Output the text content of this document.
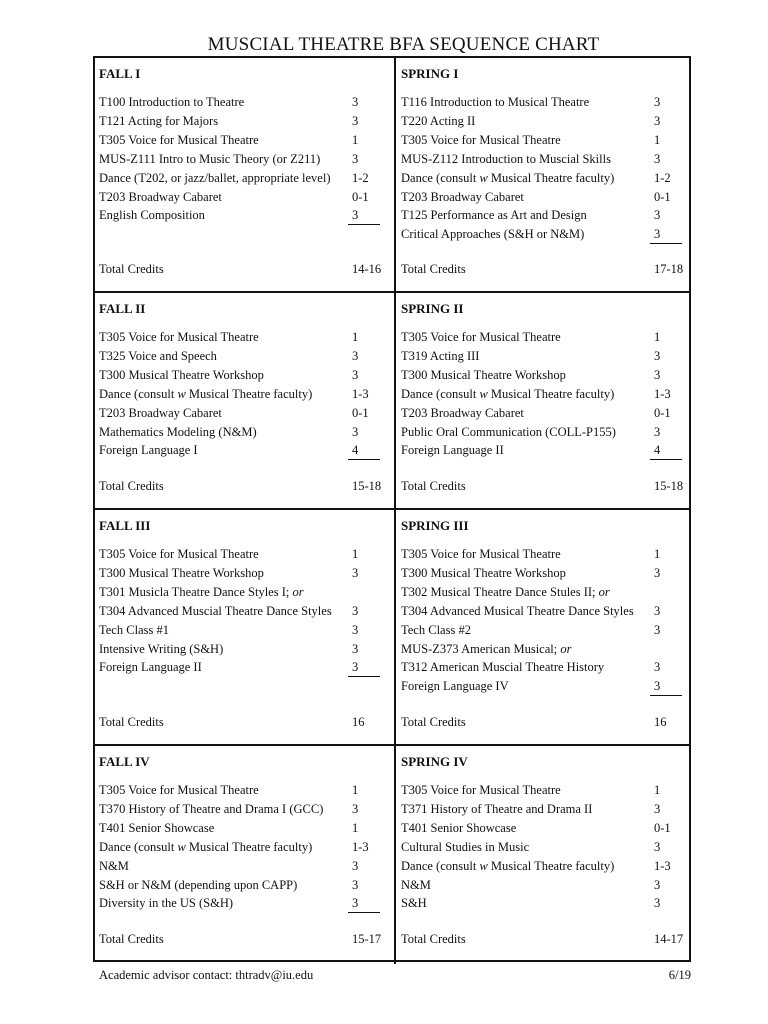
MUSCIAL THEATRE BFA SEQUENCE CHART
FALL I
T100 Introduction to Theatre	3
T121 Acting for Majors	3
T305 Voice for Musical Theatre	1
MUS-Z111 Intro to Music Theory (or Z211)	3
Dance (T202, or jazz/ballet, appropriate level) 1-2
T203 Broadway Cabaret	0-1
English Composition	3
Total Credits	14-16
SPRING I
T116 Introduction to Musical Theatre	3
T220 Acting II	3
T305 Voice for Musical Theatre	1
MUS-Z112 Introduction to Muscial Skills	3
Dance (consult w Musical Theatre faculty)	1-2
T203 Broadway Cabaret	0-1
T125 Performance as Art and Design	3
Critical Approaches (S&H or N&M)	3
Total Credits	17-18
FALL II
T305 Voice for Musical Theatre	1
T325 Voice and Speech	3
T300 Musical Theatre Workshop	3
Dance (consult w Musical Theatre faculty)	1-3
T203 Broadway Cabaret	0-1
Mathematics Modeling (N&M)	3
Foreign Language I	4
Total Credits	15-18
SPRING II
T305 Voice for Musical Theatre	1
T319 Acting III	3
T300 Musical Theatre Workshop	3
Dance (consult w Musical Theatre faculty)	1-3
T203 Broadway Cabaret	0-1
Public Oral Communication (COLL-P155)	3
Foreign Language II	4
Total Credits	15-18
FALL III
T305 Voice for Musical Theatre	1
T300 Musical Theatre Workshop	3
T301 Musicla Theatre Dance Styles I; or
T304 Advanced Muscial Theatre Dance Styles 3
Tech Class #1	3
Intensive Writing (S&H)	3
Foreign Language II	3
Total Credits	16
SPRING III
T305 Voice for Musical Theatre	1
T300 Musical Theatre Workshop	3
T302 Musical Theatre Dance Stules II; or
T304 Advanced Musical Theatre Dance Styles 3
Tech Class #2	3
MUS-Z373 American Musical; or
T312 American Muscial Theatre History	3
Foreign Language IV	3
Total Credits	16
FALL IV
T305 Voice for Musical Theatre	1
T370 History of Theatre and Drama I (GCC) 3
T401 Senior Showcase	1
Dance (consult w Musical Theatre faculty)	1-3
N&M	3
S&H or N&M (depending upon CAPP)	3
Diversity in the US (S&H)	3
Total Credits	15-17
SPRING IV
T305 Voice for Musical Theatre	1
T371 History of Theatre and Drama II	3
T401 Senior Showcase	0-1
Cultural Studies in Music	3
Dance (consult w Musical Theatre faculty)	1-3
N&M	3
S&H	3
Total Credits	14-17
Academic advisor contact: thtradv@iu.edu	6/19
